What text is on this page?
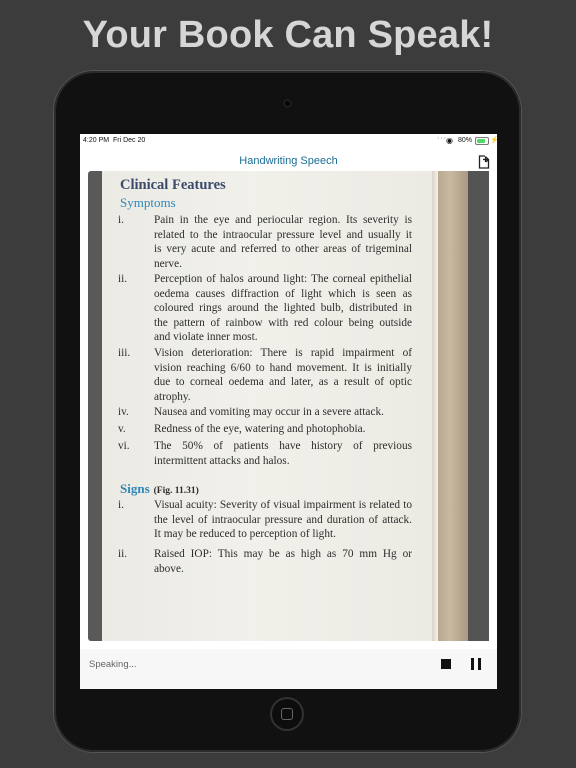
Your Book Can Speak!
4:20 PM Fri Dec 20	··· ◉ 80%	⚡
Handwriting Speech
Clinical Features
Symptoms
i.	Pain in the eye and periocular region. Its severity is
related to the intraocular pressure level and usually it
is very acute and referred to other areas of trigeminal
nerve.
ii.	Perception of halos around light: The corneal epithelial
oedema causes diffraction of light which is seen as
coloured rings around the lighted bulb, distributed in
the pattern of rainbow with red colour being outside
and violate inner most.
iii.	Vision deterioration: There is rapid impairment of
vision reaching 6/60 to hand movement. It is initially
due to corneal oedema and later, as a result of optic
atrophy.
iv.	Nausea and vomiting may occur in a severe attack.
v.	Redness of the eye, watering and photophobia.
vi.	The 50% of patients have history of previous
intermittent attacks and halos.
Signs (Fig. 11.31)
i.	Visual acuity: Severity of visual impairment is related to
the level of intraocular pressure and duration of attack.
It may be reduced to perception of light.
ii.	Raised IOP: This may be as high as 70 mm Hg or
above.
Speaking...
